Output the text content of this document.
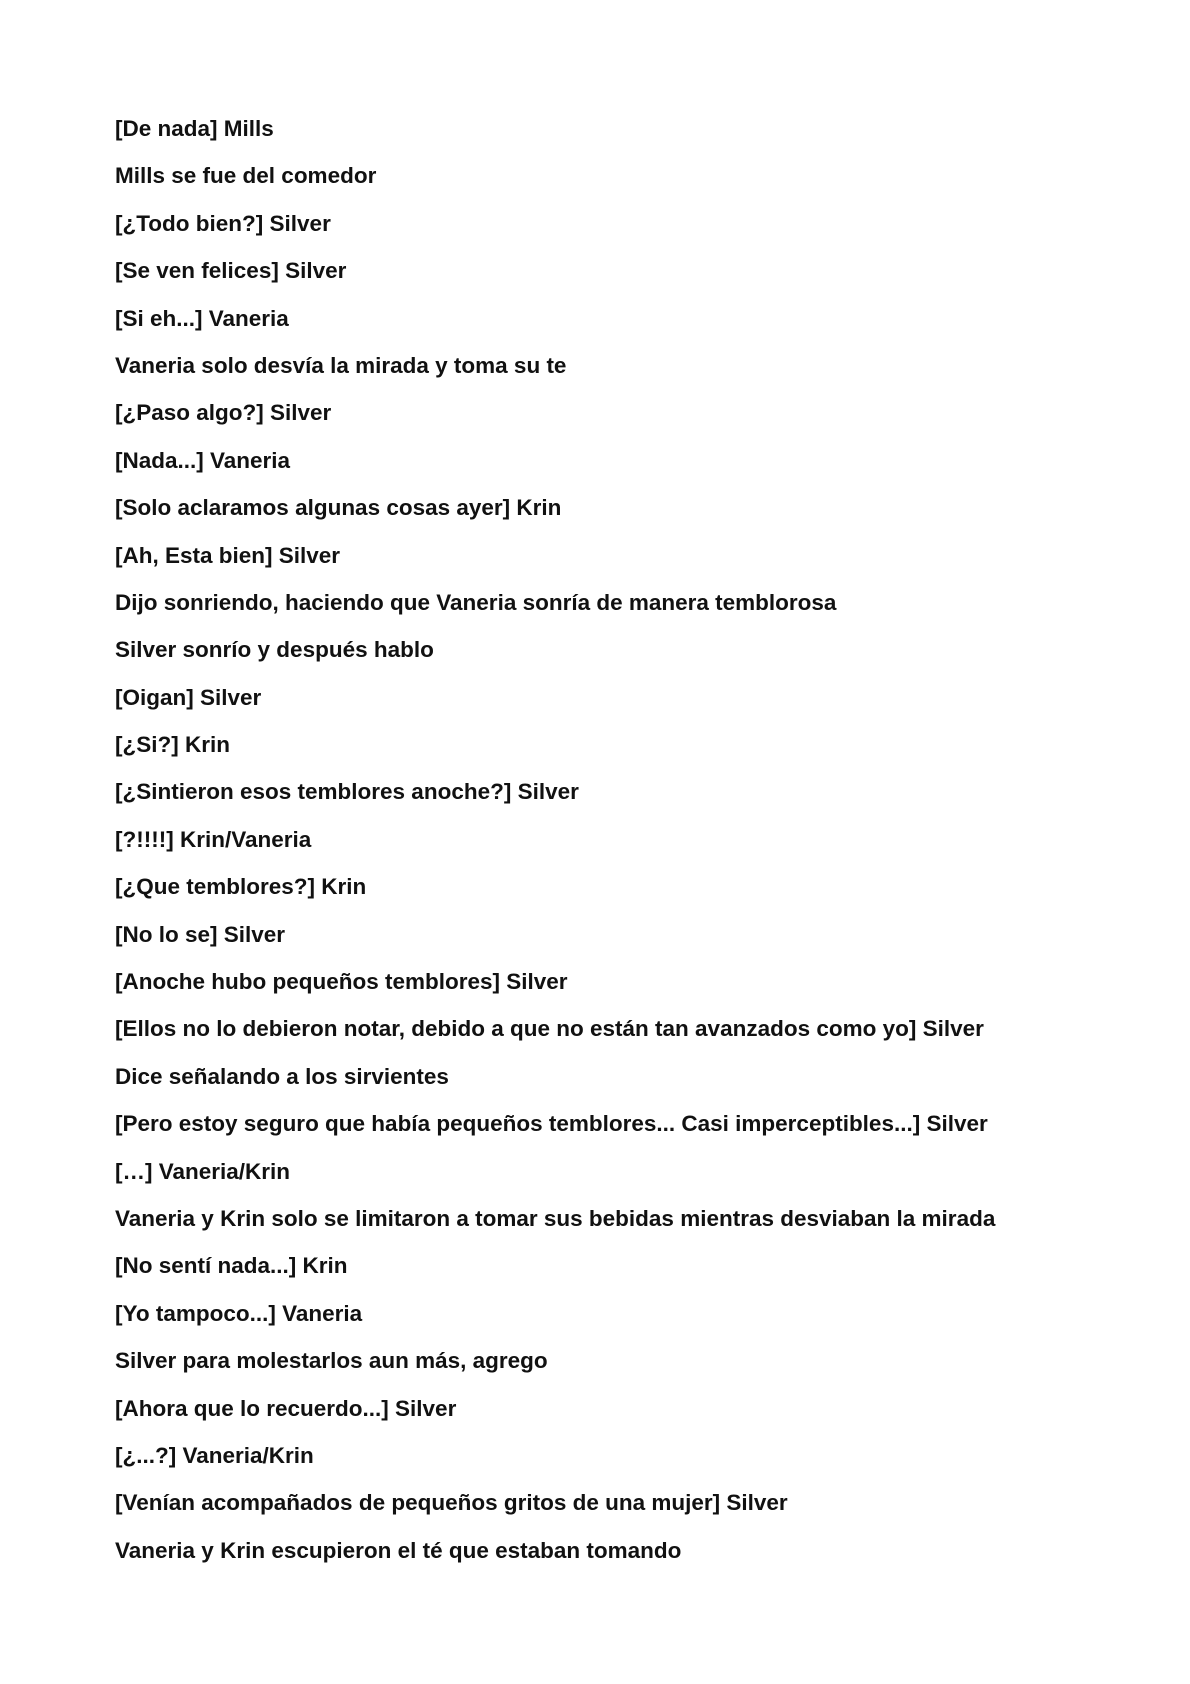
[De nada] Mills
Mills se fue del comedor
[¿Todo bien?] Silver
[Se ven felices] Silver
[Si eh...] Vaneria
Vaneria solo desvía la mirada y toma su te
[¿Paso algo?] Silver
[Nada...] Vaneria
[Solo aclaramos algunas cosas ayer] Krin
[Ah, Esta bien] Silver
Dijo sonriendo, haciendo que Vaneria sonría de manera temblorosa
Silver sonrío y después hablo
[Oigan] Silver
[¿Si?] Krin
[¿Sintieron esos temblores anoche?] Silver
[?!!!!] Krin/Vaneria
[¿Que temblores?] Krin
[No lo se] Silver
[Anoche hubo pequeños temblores] Silver
[Ellos no lo debieron notar, debido a que no están tan avanzados como yo] Silver
Dice señalando a los sirvientes
[Pero estoy seguro que había pequeños temblores... Casi imperceptibles...] Silver
[…] Vaneria/Krin
Vaneria y Krin solo se limitaron a tomar sus bebidas mientras desviaban la mirada
[No sentí nada...] Krin
[Yo tampoco...] Vaneria
Silver para molestarlos aun más, agrego
[Ahora que lo recuerdo...] Silver
[¿...?] Vaneria/Krin
[Venían acompañados de pequeños gritos de una mujer] Silver
Vaneria y Krin escupieron el té que estaban tomando
